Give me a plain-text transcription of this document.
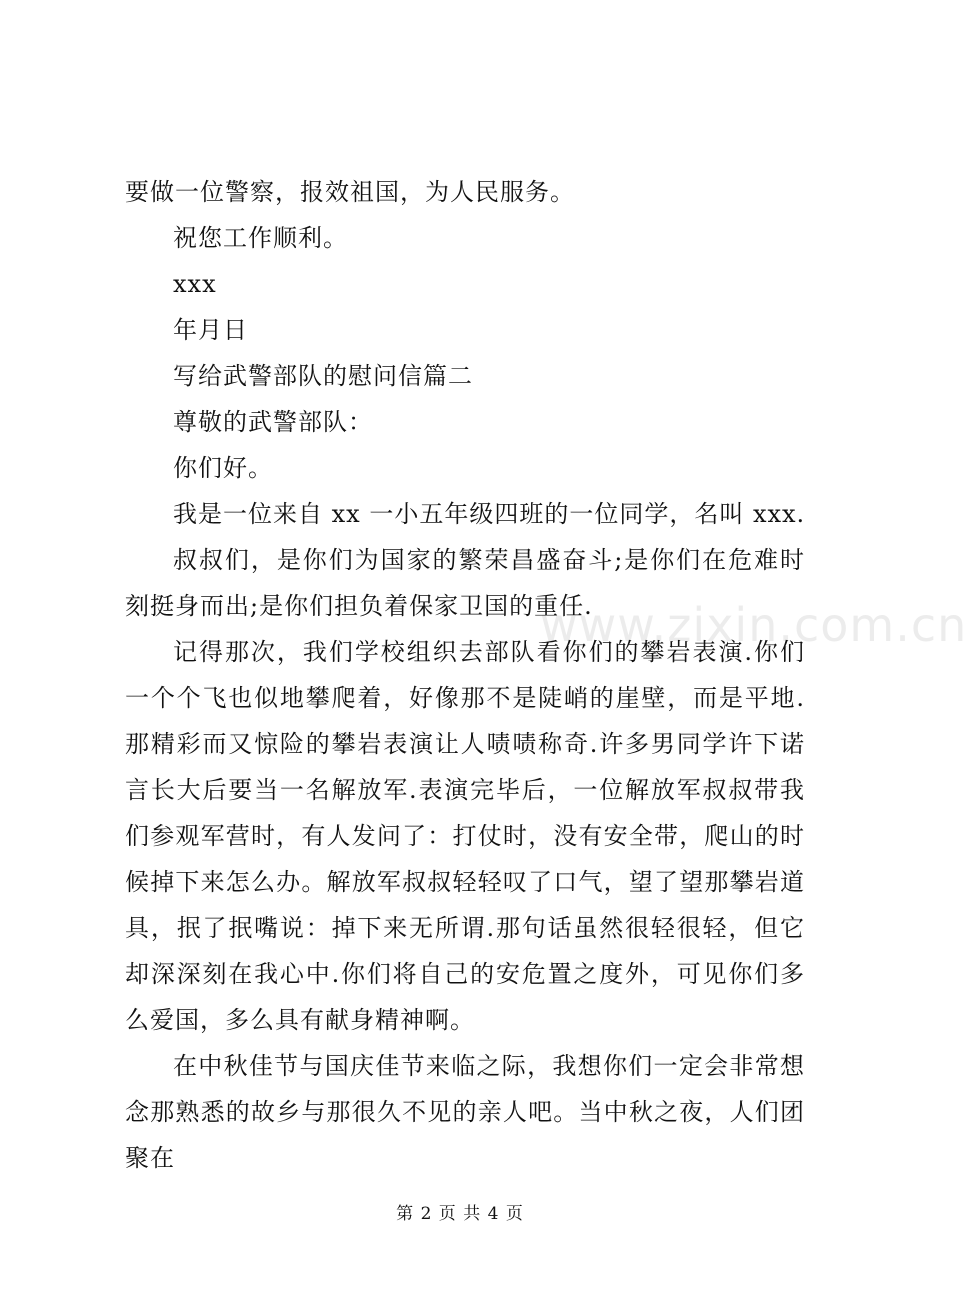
www.zixin.com.cn

要做一位警察，报效祖国，为人民服务。

祝您工作顺利。

xxx

年月日

写给武警部队的慰问信篇二

尊敬的武警部队：

你们好。

我是一位来自 xx 一小五年级四班的一位同学，名叫 xxx.

叔叔们，是你们为国家的繁荣昌盛奋斗;是你们在危难时刻挺身而出;是你们担负着保家卫国的重任.

记得那次，我们学校组织去部队看你们的攀岩表演.你们一个个飞也似地攀爬着，好像那不是陡峭的崖壁，而是平地.那精彩而又惊险的攀岩表演让人啧啧称奇.许多男同学许下诺言长大后要当一名解放军.表演完毕后，一位解放军叔叔带我们参观军营时，有人发问了：打仗时，没有安全带，爬山的时候掉下来怎么办。解放军叔叔轻轻叹了口气，望了望那攀岩道具，抿了抿嘴说：掉下来无所谓.那句话虽然很轻很轻，但它却深深刻在我心中.你们将自己的安危置之度外，可见你们多么爱国，多么具有献身精神啊。

在中秋佳节与国庆佳节来临之际，我想你们一定会非常想念那熟悉的故乡与那很久不见的亲人吧。当中秋之夜，人们团聚在

第 2 页 共 4 页
